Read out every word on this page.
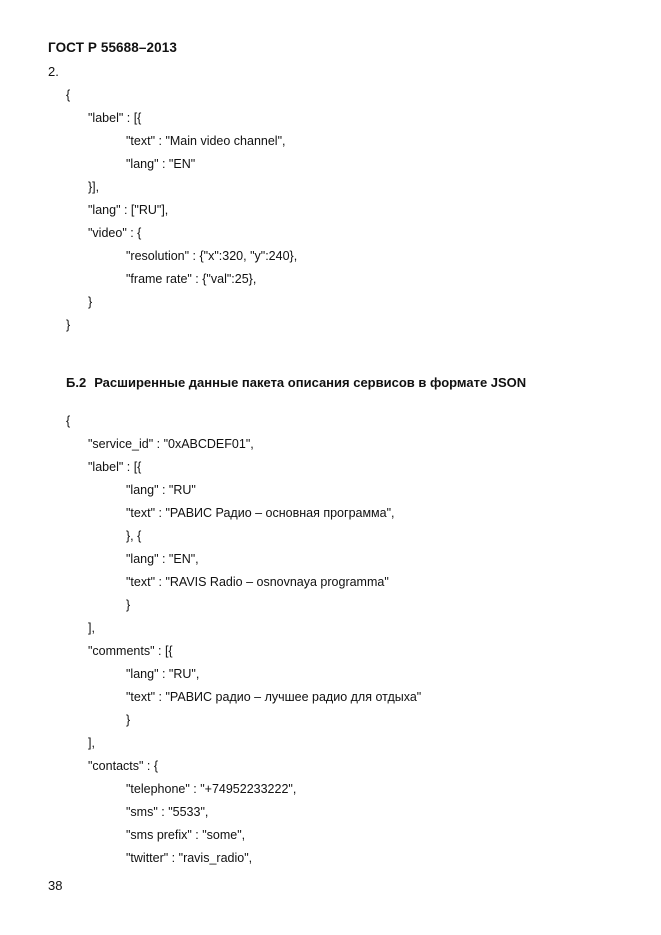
ГОСТ Р 55688–2013
2.
{
"label" : [{
"text" : "Main video channel",
"lang" : "EN"
}],
"lang" : ["RU"],
"video" : {
"resolution" : {"x":320, "y":240},
"frame rate" : {"val":25},
}
}
Б.2 Расширенные данные пакета описания сервисов в формате JSON
{
"service_id" : "0xABCDEF01",
"label" : [{
"lang" : "RU"
"text" : "РАВИС Радио – основная программа",
}, {
"lang" : "EN",
"text" : "RAVIS Radio – osnovnaya programma"
}
],
"comments" : [{
"lang" : "RU",
"text" : "РАВИС радио – лучшее радио для отдыха"
}
],
"contacts" : {
"telephone" : "+74952233222",
"sms" : "5533",
"sms prefix" : "some",
"twitter" : "ravis_radio",
38
